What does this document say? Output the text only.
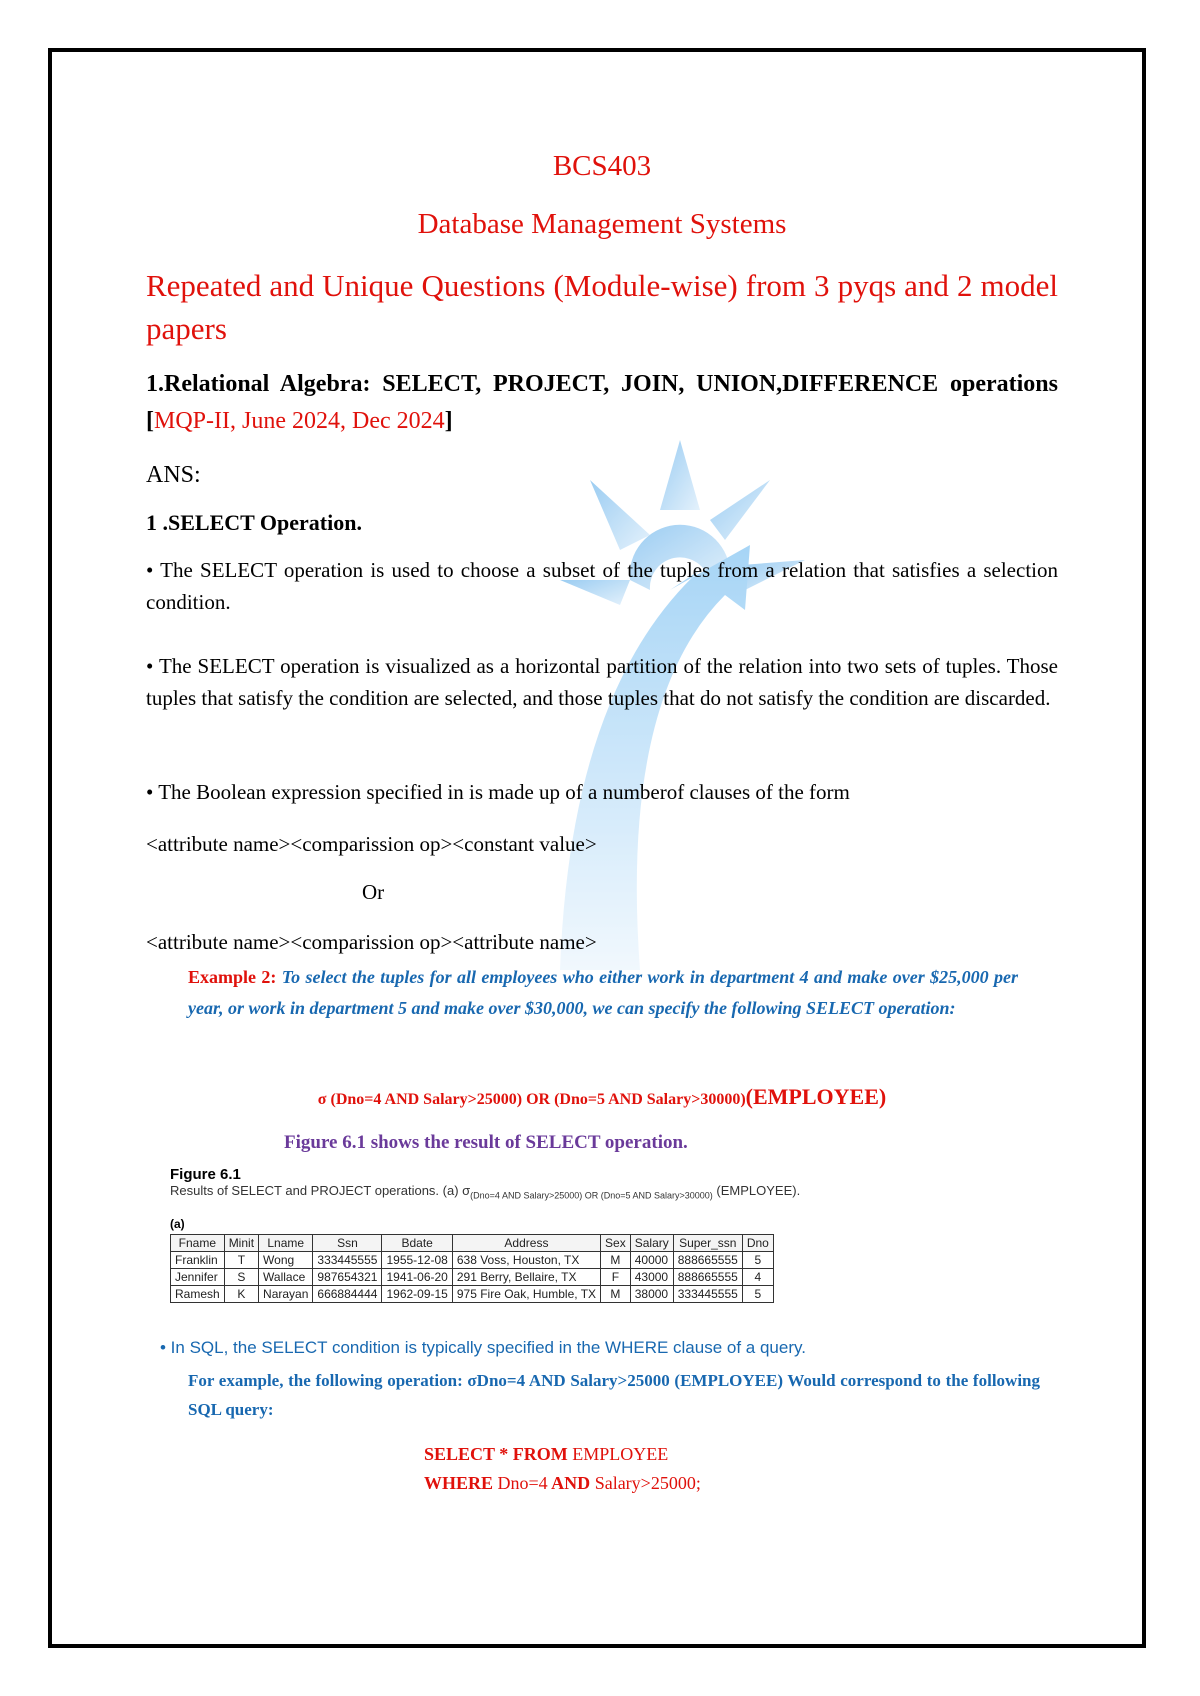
BCS403
Database Management Systems
Repeated and Unique Questions (Module-wise) from 3 pyqs and 2 model papers
1.Relational Algebra: SELECT, PROJECT, JOIN, UNION,DIFFERENCE operations [MQP-II, June 2024, Dec 2024]
ANS:
1 .SELECT Operation.
• The SELECT operation is used to choose a subset of the tuples from a relation that satisfies a selection condition.
• The SELECT operation is visualized as a horizontal partition of the relation into two sets of tuples. Those tuples that satisfy the condition are selected, and those tuples that do not satisfy the condition are discarded.
• The Boolean expression specified in is made up of a numberof clauses of the form
<attribute name><comparission op><constant value>
Or
<attribute name><comparission op><attribute name>
Example 2: To select the tuples for all employees who either work in department 4 and make over $25,000 per year, or work in department 5 and make over $30,000, we can specify the following SELECT operation:
σ (Dno=4 AND Salary>25000) OR (Dno=5 AND Salary>30000)(EMPLOYEE)
Figure 6.1 shows the result of SELECT operation.
Figure 6.1
Results of SELECT and PROJECT operations. (a) $\sigma_{(Dno=4 AND Salary>25000) OR (Dno=5 AND Salary>30000)}$ (EMPLOYEE).
(a)
Fname	Minit	Lname	Ssn	Bdate	Address	Sex	Salary	Super_ssn	Dno
Franklin	T	Wong	333445555	1955-12-08	638 Voss, Houston, TX	M	40000	888665555	5
Jennifer	S	Wallace	987654321	1941-06-20	291 Berry, Bellaire, TX	F	43000	888665555	4
Ramesh	K	Narayan	666884444	1962-09-15	975 Fire Oak, Humble, TX	M	38000	333445555	5
• In SQL, the SELECT condition is typically specified in the WHERE clause of a query.
For example, the following operation: σDno=4 AND Salary>25000 (EMPLOYEE) Would correspond to the following SQL query:
SELECT * FROM EMPLOYEE
WHERE Dno=4 AND Salary>25000;
